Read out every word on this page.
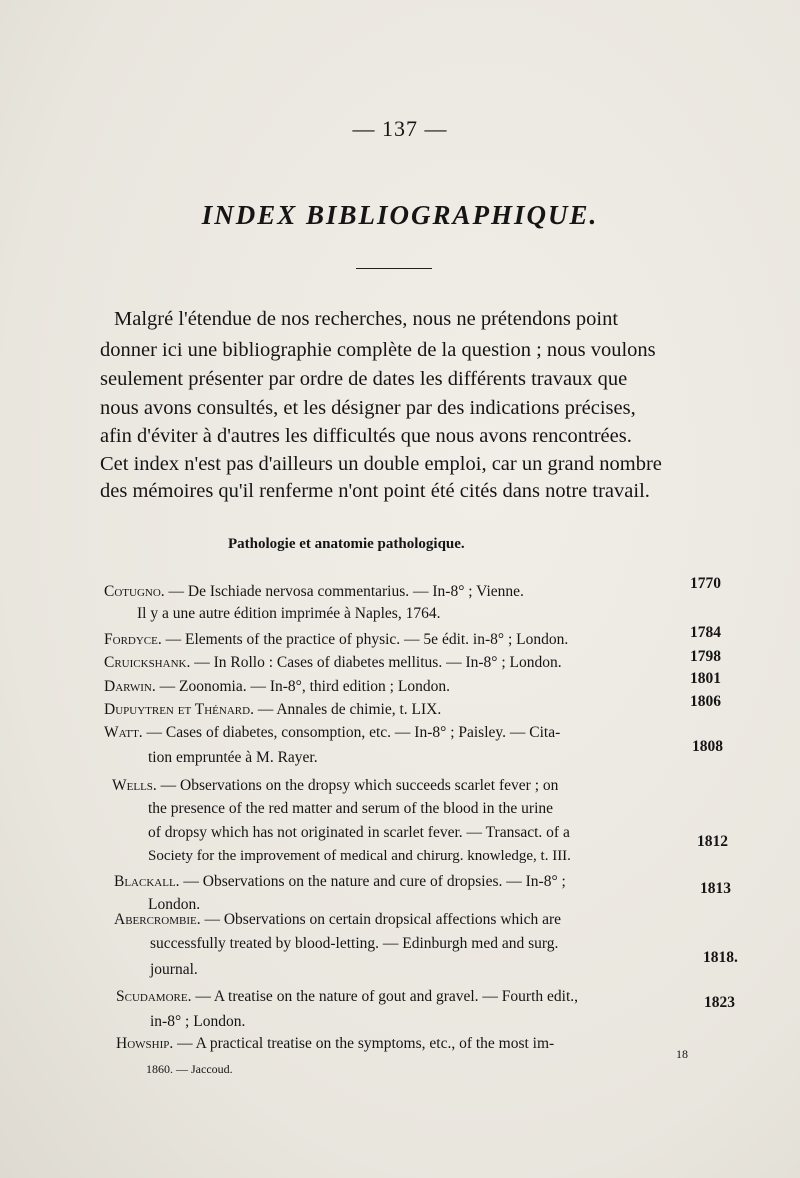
— 137 —
INDEX BIBLIOGRAPHIQUE.
Malgré l'étendue de nos recherches, nous ne prétendons point
donner ici une bibliographie complète de la question ; nous voulons
seulement présenter par ordre de dates les différents travaux que
nous avons consultés, et les désigner par des indications précises,
afin d'éviter à d'autres les difficultés que nous avons rencontrées.
Cet index n'est pas d'ailleurs un double emploi, car un grand nombre
des mémoires qu'il renferme n'ont point été cités dans notre travail.
Pathologie et anatomie pathologique.
Cotugno. — De Ischiade nervosa commentarius. — In-8° ; Vienne.
Il y a une autre édition imprimée à Naples, 1764.
1770
Fordyce. — Elements of the practice of physic. — 5e édit. in-8° ; London.	1784
Cruickshank. — In Rollo : Cases of diabetes mellitus. — In-8° ; London.	1798
Darwin. — Zoonomia. — In-8°, third edition ; London.	1801
Dupuytren et Thénard. — Annales de chimie, t. LIX.	1806
Watt. — Cases of diabetes, consomption, etc. — In-8° ; Paisley. — Cita-
tion empruntée à M. Rayer.
1808
Wells. — Observations on the dropsy which succeeds scarlet fever ; on
the presence of the red matter and serum of the blood in the urine
of dropsy which has not originated in scarlet fever. — Transact. of a
Society for the improvement of medical and chirurg. knowledge, t. III.
1812
Blackall. — Observations on the nature and cure of dropsies. — In-8° ;
London.
1813
Abercrombie. — Observations on certain dropsical affections which are
successfully treated by blood-letting. — Edinburgh med and surg.
journal.
1818.
Scudamore. — A treatise on the nature of gout and gravel. — Fourth edit.,
in-8° ; London.
1823
Howship. — A practical treatise on the symptoms, etc., of the most im-
1860. — Jaccoud.
18
